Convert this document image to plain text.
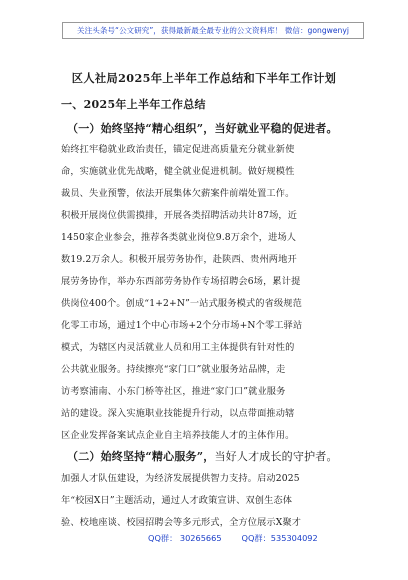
关注头条号“公文研究”，获得最新最全最专业的公文资料库！ 微信：gongwenyj
区人社局2025年上半年工作总结和下半年工作计划
一、2025年上半年工作总结
（一）始终坚持“精心组织”，当好就业平稳的促进者。
始终扛牢稳就业政治责任，锚定促进高质量充分就业新使
命，实施就业优先战略，健全就业促进机制。做好规模性
裁员、失业预警，依法开展集体欠薪案件前端处置工作。
积极开展岗位供需摸排，开展各类招聘活动共计87场，近
1450家企业参会，推荐各类就业岗位9.8万余个，进场人
数19.2万余人。积极开展劳务协作，赴陕西、贵州两地开
展劳务协作，举办东西部劳务协作专场招聘会6场，累计提
供岗位400个。创成“1+2+N”一站式服务模式的省级规范
化零工市场，通过1个中心市场+2个分市场+N个零工驿站
模式，为辖区内灵活就业人员和用工主体提供有针对性的
公共就业服务。持续擦亮“家门口”就业服务站品牌，走
访考察浦南、小东门桥等社区，推进“家门口”就业服务
站的建设。深入实施职业技能提升行动，以点带面推动辖
区企业发挥备案试点企业自主培养技能人才的主体作用。
（二）始终坚持“精心服务”，当好人才成长的守护者。
加强人才队伍建设，为经济发展提供智力支持。启动2025
年“校园X日”主题活动，通过人才政策宣讲、双创生态体
验、校地座谈、校园招聘会等多元形式，全方位展示X聚才
QQ群： 30265665 QQ群：535304092
